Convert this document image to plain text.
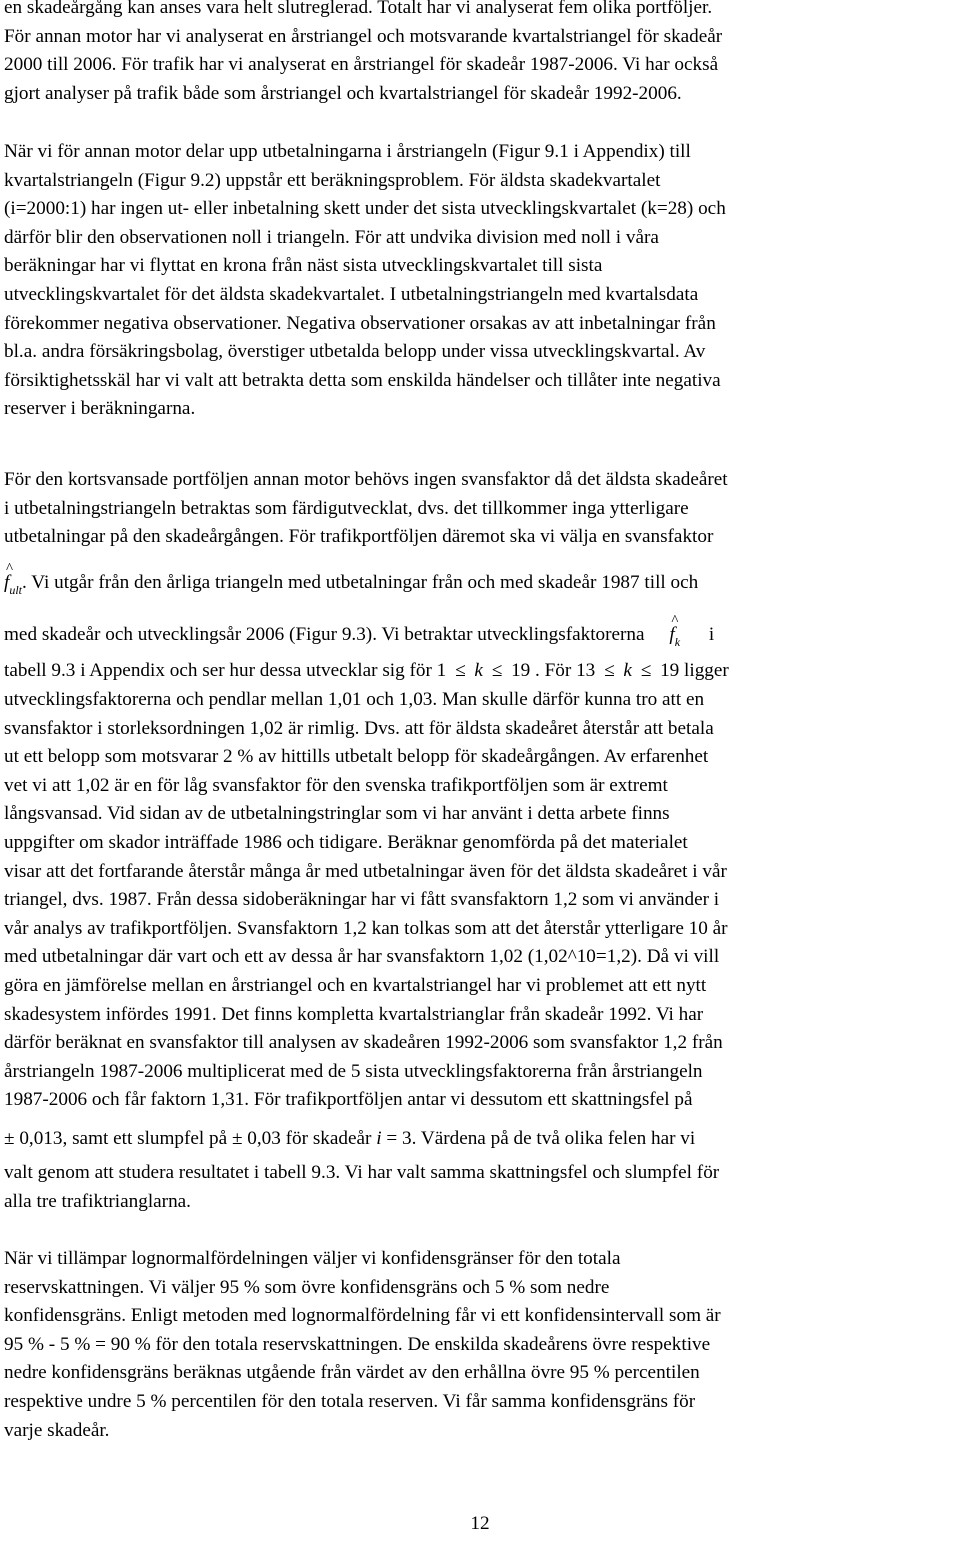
en skadeårgång kan anses vara helt slutreglerad. Totalt har vi analyserat fem olika portföljer.
För annan motor har vi analyserat en årstriangel och motsvarande kvartalstriangel för skadeår
2000 till 2006. För trafik har vi analyserat en årstriangel för skadeår 1987-2006. Vi har också
gjort analyser på trafik både som årstriangel och kvartalstriangel för skadeår 1992-2006.
När vi för annan motor delar upp utbetalningarna i årstriangeln (Figur 9.1 i Appendix) till
kvartalstriangeln (Figur 9.2) uppstår ett beräkningsproblem. För äldsta skadekvartalet
(i=2000:1) har ingen ut- eller inbetalning skett under det sista utvecklingskvartalet (k=28) och
därför blir den observationen noll i triangeln. För att undvika division med noll i våra
beräkningar har vi flyttat en krona från näst sista utvecklingskvartalet till sista
utvecklingskvartalet för det äldsta skadekvartalet. I utbetalningstriangeln med kvartalsdata
förekommer negativa observationer. Negativa observationer orsakas av att inbetalningar från
bl.a. andra försäkringsbolag, överstiger utbetalda belopp under vissa utvecklingskvartal. Av
försiktighetsskäl har vi valt att betrakta detta som enskilda händelser och tillåter inte negativa
reserver i beräkningarna.
För den kortsvansade portföljen annan motor behövs ingen svansfaktor då det äldsta skadeåret
i utbetalningstriangeln betraktas som färdigutvecklat, dvs. det tillkommer inga ytterligare
utbetalningar på den skadeårgången. För trafikportföljen däremot ska vi välja en svansfaktor
^
$f_{ult}$. Vi utgår från den årliga triangeln med utbetalningar från och med skadeår 1987 till och
med skadeår och utvecklingsår 2006 (Figur 9.3). Vi betraktar utvecklingsfaktorerna
^
$f_k$ i
tabell 9.3 i Appendix och ser hur dessa utvecklar sig för 1 ≤ k ≤ 19 . För 13 ≤ k ≤ 19 ligger
utvecklingsfaktorerna och pendlar mellan 1,01 och 1,03. Man skulle därför kunna tro att en
svansfaktor i storleksordningen 1,02 är rimlig. Dvs. att för äldsta skadeåret återstår att betala
ut ett belopp som motsvarar 2 % av hittills utbetalt belopp för skadeårgången. Av erfarenhet
vet vi att 1,02 är en för låg svansfaktor för den svenska trafikportföljen som är extremt
långsvansad. Vid sidan av de utbetalningstringlar som vi har använt i detta arbete finns
uppgifter om skador inträffade 1986 och tidigare. Beräknar genomförda på det materialet
visar att det fortfarande återstår många år med utbetalningar även för det äldsta skadeåret i vår
triangel, dvs. 1987. Från dessa sidoberäkningar har vi fått svansfaktorn 1,2 som vi använder i
vår analys av trafikportföljen. Svansfaktorn 1,2 kan tolkas som att det återstår ytterligare 10 år
med utbetalningar där vart och ett av dessa år har svansfaktorn 1,02 (1,02^10=1,2). Då vi vill
göra en jämförelse mellan en årstriangel och en kvartalstriangel har vi problemet att ett nytt
skadesystem infördes 1991. Det finns kompletta kvartalstrianglar från skadeår 1992. Vi har
därför beräknat en svansfaktor till analysen av skadeåren 1992-2006 som svansfaktor 1,2 från
årstriangeln 1987-2006 multiplicerat med de 5 sista utvecklingsfaktorerna från årstriangeln
1987-2006 och får faktorn 1,31. För trafikportföljen antar vi dessutom ett skattningsfel på
± 0,013, samt ett slumpfel på ± 0,03 för skadeår i = 3. Värdena på de två olika felen har vi
valt genom att studera resultatet i tabell 9.3. Vi har valt samma skattningsfel och slumpfel för
alla tre trafiktrianglarna.
När vi tillämpar lognormalfördelningen väljer vi konfidensgränser för den totala
reservskattningen. Vi väljer 95 % som övre konfidensgräns och 5 % som nedre
konfidensgräns. Enligt metoden med lognormalfördelning får vi ett konfidensintervall som är
95 % - 5 % = 90 % för den totala reservskattningen. De enskilda skadeårens övre respektive
nedre konfidensgräns beräknas utgående från värdet av den erhållna övre 95 % percentilen
respektive undre 5 % percentilen för den totala reserven. Vi får samma konfidensgräns för
varje skadeår.
12
